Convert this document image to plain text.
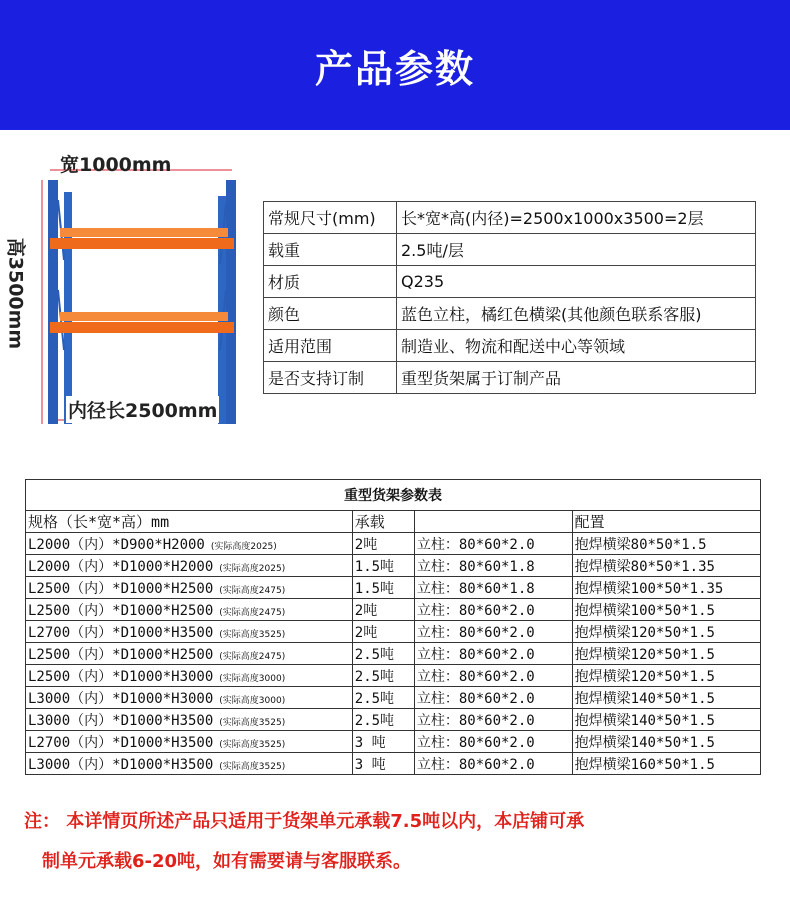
产品参数
宽1000mm
高3500mm
内径长2500mm
常规尺寸(mm)	长*宽*高(内径)=2500x1000x3500=2层
载重	2.5吨/层
材质	Q235
颜色	蓝色立柱，橘红色横梁(其他颜色联系客服)
适用范围	制造业、物流和配送中心等领域
是否支持订制	重型货架属于订制产品
重型货架参数表			
规格（长*宽*高）mm	承载		配置
L2000（内）*D900*H2000 (实际高度2025)	2吨	立柱：80*60*2.0	抱焊横梁80*50*1.5
L2000（内）*D1000*H2000 (实际高度2025)	1.5吨	立柱：80*60*1.8	抱焊横梁80*50*1.35
L2500（内）*D1000*H2500 (实际高度2475)	1.5吨	立柱：80*60*1.8	抱焊横梁100*50*1.35
L2500（内）*D1000*H2500 (实际高度2475)	2吨	立柱：80*60*2.0	抱焊横梁100*50*1.5
L2700（内）*D1000*H3500 (实际高度3525)	2吨	立柱：80*60*2.0	抱焊横梁120*50*1.5
L2500（内）*D1000*H2500 (实际高度2475)	2.5吨	立柱：80*60*2.0	抱焊横梁120*50*1.5
L2500（内）*D1000*H3000 (实际高度3000)	2.5吨	立柱：80*60*2.0	抱焊横梁120*50*1.5
L3000（内）*D1000*H3000 (实际高度3000)	2.5吨	立柱：80*60*2.0	抱焊横梁140*50*1.5
L3000（内）*D1000*H3500 (实际高度3525)	2.5吨	立柱：80*60*2.0	抱焊横梁140*50*1.5
L2700（内）*D1000*H3500 (实际高度3525)	3 吨	立柱：80*60*2.0	抱焊横梁140*50*1.5
L3000（内）*D1000*H3500 (实际高度3525)	3 吨	立柱：80*60*2.0	抱焊横梁160*50*1.5

注： 本详情页所述产品只适用于货架单元承载7.5吨以内，本店铺可承

制单元承载6-20吨，如有需要请与客服联系。
